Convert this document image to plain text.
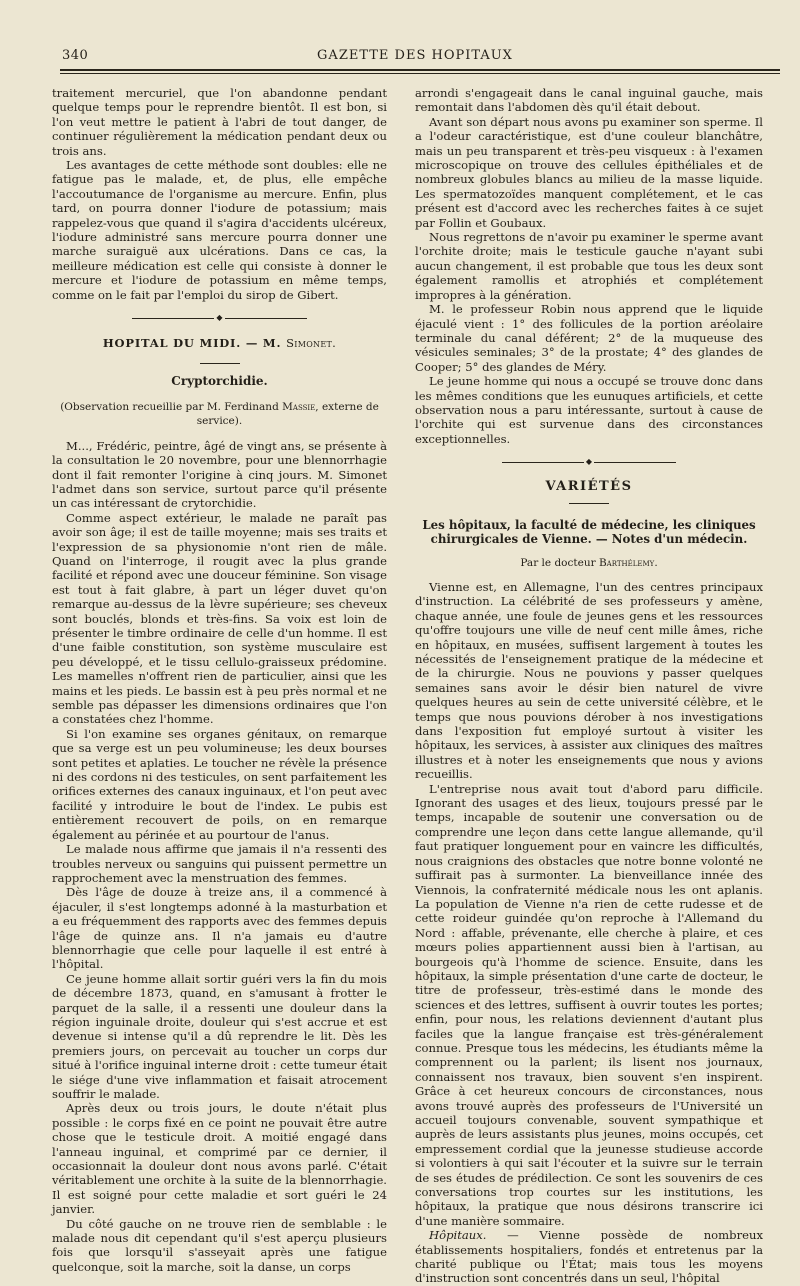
340	GAZETTE DES HOPITAUX

traitement mercuriel, que l'on abandonne pendant quelque temps pour le reprendre bientôt. Il est bon, si l'on veut mettre le patient à l'abri de tout danger, de continuer régulièrement la médication pendant deux ou trois ans.

Les avantages de cette méthode sont doubles: elle ne fatigue pas le malade, et, de plus, elle empêche l'accoutumance de l'organisme au mercure. Enfin, plus tard, on pourra donner l'iodure de potassium; mais rappelez-vous que quand il s'agira d'accidents ulcéreux, l'iodure administré sans mercure pourra donner une marche suraiguë aux ulcérations. Dans ce cas, la meilleure médication est celle qui consiste à donner le mercure et l'iodure de potassium en même temps, comme on le fait par l'emploi du sirop de Gibert.

◆
HOPITAL DU MIDI. — M. Simonet.
Cryptorchidie.
(Observation recueillie par M. Ferdinand Massie, externe de service).

M..., Frédéric, peintre, âgé de vingt ans, se présente à la consultation le 20 novembre, pour une blennorrhagie dont il fait remonter l'origine à cinq jours. M. Simonet l'admet dans son service, surtout parce qu'il présente un cas intéressant de crytorchidie.

Comme aspect extérieur, le malade ne paraît pas avoir son âge; il est de taille moyenne; mais ses traits et l'expression de sa physionomie n'ont rien de mâle. Quand on l'interroge, il rougit avec la plus grande facilité et répond avec une douceur féminine. Son visage est tout à fait glabre, à part un léger duvet qu'on remarque au-dessus de la lèvre supérieure; ses cheveux sont bouclés, blonds et très-fins. Sa voix est loin de présenter le timbre ordinaire de celle d'un homme. Il est d'une faible constitution, son système musculaire est peu développé, et le tissu cellulo-graisseux prédomine. Les mamelles n'offrent rien de particulier, ainsi que les mains et les pieds. Le bassin est à peu près normal et ne semble pas dépasser les dimensions ordinaires que l'on a constatées chez l'homme.

Si l'on examine ses organes génitaux, on remarque que sa verge est un peu volumineuse; les deux bourses sont petites et aplaties. Le toucher ne révèle la présence ni des cordons ni des testicules, on sent parfaitement les orifices externes des canaux inguinaux, et l'on peut avec facilité y introduire le bout de l'index. Le pubis est entièrement recouvert de poils, on en remarque également au périnée et au pourtour de l'anus.

Le malade nous affirme que jamais il n'a ressenti des troubles nerveux ou sanguins qui puissent permettre un rapprochement avec la menstruation des femmes.

Dès l'âge de douze à treize ans, il a commencé à éjaculer, il s'est longtemps adonné à la masturbation et a eu fréquemment des rapports avec des femmes depuis l'âge de quinze ans. Il n'a jamais eu d'autre blennorrhagie que celle pour laquelle il est entré à l'hôpital.

Ce jeune homme allait sortir guéri vers la fin du mois de décembre 1873, quand, en s'amusant à frotter le parquet de la salle, il a ressenti une douleur dans la région inguinale droite, douleur qui s'est accrue et est devenue si intense qu'il a dû reprendre le lit. Dès les premiers jours, on percevait au toucher un corps dur situé à l'orifice inguinal interne droit : cette tumeur était le siége d'une vive inflammation et faisait atrocement souffrir le malade.

Après deux ou trois jours, le doute n'était plus possible : le corps fixé en ce point ne pouvait être autre chose que le testicule droit. A moitié engagé dans l'anneau inguinal, et comprimé par ce dernier, il occasionnait la douleur dont nous avons parlé. C'était véritablement une orchite à la suite de la blennorrhagie. Il est soigné pour cette maladie et sort guéri le 24 janvier.

Du côté gauche on ne trouve rien de semblable : le malade nous dit cependant qu'il s'est aperçu plusieurs fois que lorsqu'il s'asseyait après une fatigue quelconque, soit la marche, soit la danse, un corps

arrondi s'engageait dans le canal inguinal gauche, mais remontait dans l'abdomen dès qu'il était debout.

Avant son départ nous avons pu examiner son sperme. Il a l'odeur caractéristique, est d'une couleur blanchâtre, mais un peu transparent et très-peu visqueux : à l'examen microscopique on trouve des cellules épithéliales et de nombreux globules blancs au milieu de la masse liquide. Les spermatozoïdes manquent complétement, et le cas présent est d'accord avec les recherches faites à ce sujet par Follin et Goubaux.

Nous regrettons de n'avoir pu examiner le sperme avant l'orchite droite; mais le testicule gauche n'ayant subi aucun changement, il est probable que tous les deux sont également ramollis et atrophiés et complétement impropres à la génération.

M. le professeur Robin nous apprend que le liquide éjaculé vient : 1° des follicules de la portion aréolaire terminale du canal déférent; 2° de la muqueuse des vésicules seminales; 3° de la prostate; 4° des glandes de Cooper; 5° des glandes de Méry.

Le jeune homme qui nous a occupé se trouve donc dans les mêmes conditions que les eunuques artificiels, et cette observation nous a paru intéressante, surtout à cause de l'orchite qui est survenue dans des circonstances exceptionnelles.

◆
VARIÉTÉS
Les hôpitaux, la faculté de médecine, les cliniques chirurgicales de Vienne. — Notes d'un médecin.
Par le docteur Barthélemy.

Vienne est, en Allemagne, l'un des centres principaux d'instruction. La célébrité de ses professeurs y amène, chaque année, une foule de jeunes gens et les ressources qu'offre toujours une ville de neuf cent mille âmes, riche en hôpitaux, en musées, suffisent largement à toutes les nécessités de l'enseignement pratique de la médecine et de la chirurgie. Nous ne pouvions y passer quelques semaines sans avoir le désir bien naturel de vivre quelques heures au sein de cette université célèbre, et le temps que nous pouvions dérober à nos investigations dans l'exposition fut employé surtout à visiter les hôpitaux, les services, à assister aux cliniques des maîtres illustres et à noter les enseignements que nous y avions recueillis.

L'entreprise nous avait tout d'abord paru difficile. Ignorant des usages et des lieux, toujours pressé par le temps, incapable de soutenir une conversation ou de comprendre une leçon dans cette langue allemande, qu'il faut pratiquer longuement pour en vaincre les difficultés, nous craignions des obstacles que notre bonne volonté ne suffirait pas à surmonter. La bienveillance innée des Viennois, la confraternité médicale nous les ont aplanis. La population de Vienne n'a rien de cette rudesse et de cette roideur guindée qu'on reproche à l'Allemand du Nord : affable, prévenante, elle cherche à plaire, et ces mœurs polies appartiennent aussi bien à l'artisan, au bourgeois qu'à l'homme de science. Ensuite, dans les hôpitaux, la simple présentation d'une carte de docteur, le titre de professeur, très-estimé dans le monde des sciences et des lettres, suffisent à ouvrir toutes les portes; enfin, pour nous, les relations deviennent d'autant plus faciles que la langue française est très-généralement connue. Presque tous les médecins, les étudiants même la comprennent ou la parlent; ils lisent nos journaux, connaissent nos travaux, bien souvent s'en inspirent. Grâce à cet heureux concours de circonstances, nous avons trouvé auprès des professeurs de l'Université un accueil toujours convenable, souvent sympathique et auprès de leurs assistants plus jeunes, moins occupés, cet empressement cordial que la jeunesse studieuse accorde si volontiers à qui sait l'écouter et la suivre sur le terrain de ses études de prédilection. Ce sont les souvenirs de ces conversations trop courtes sur les institutions, les hôpitaux, la pratique que nous désirons transcrire ici d'une manière sommaire.

Hôpitaux. — Vienne possède de nombreux établissements hospitaliers, fondés et entretenus par la charité publique ou l'État; mais tous les moyens d'instruction sont concentrés dans un seul, l'hôpital
